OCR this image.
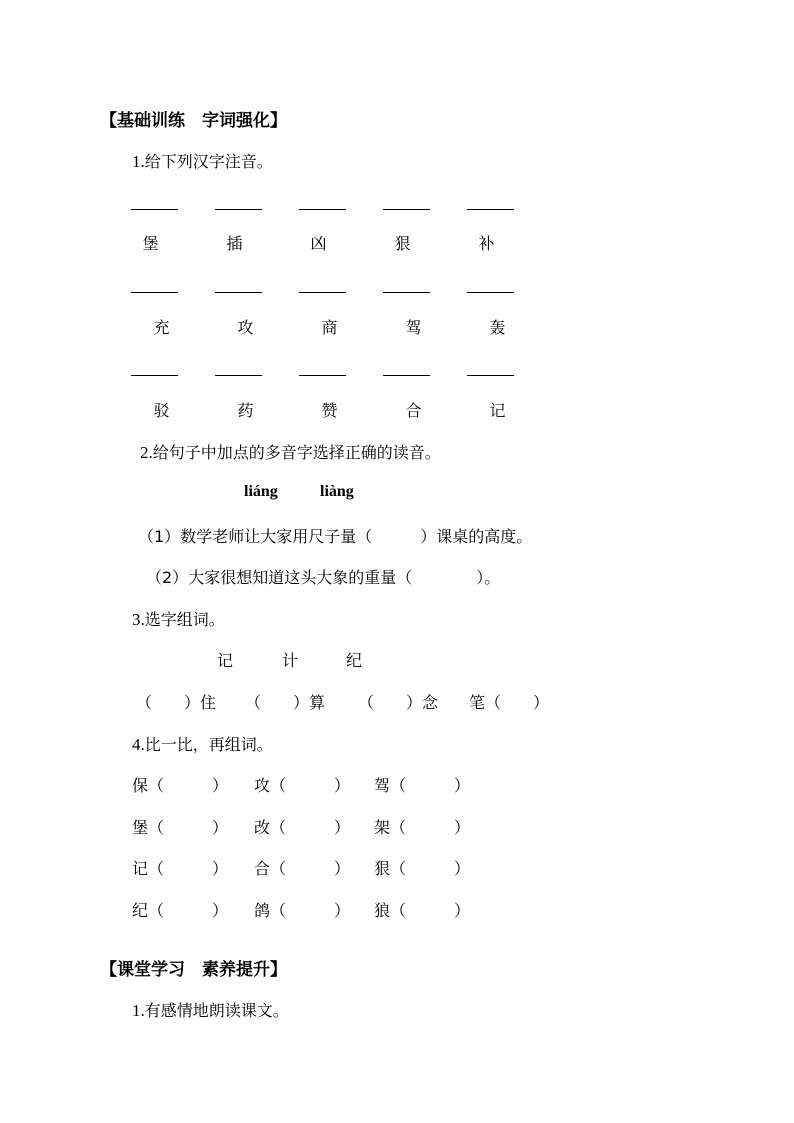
【基础训练　字词强化】
1.给下列汉字注音。
堡	插	凶	狠	补
充	攻	商	驾	轰
驳	药	赞	合	记
2.给句子中加点的多音字选择正确的读音。
liáng	liàng
（1）数学老师让大家用尺子量（　　　）课桌的高度。
（2）大家很想知道这头大象的重量（　　　　）。
3.选字组词。
记	计	纪
（　　）住 （　　）算 （　　）念 笔（　　）
4.比一比，再组词。
保（　　　） 攻（　　　） 驾（　　　）
堡（　　　） 改（　　　） 架（　　　）
记（　　　） 合（　　　） 狠（　　　）
纪（　　　） 鸽（　　　） 狼（　　　）
【课堂学习　素养提升】
1.有感情地朗读课文。
